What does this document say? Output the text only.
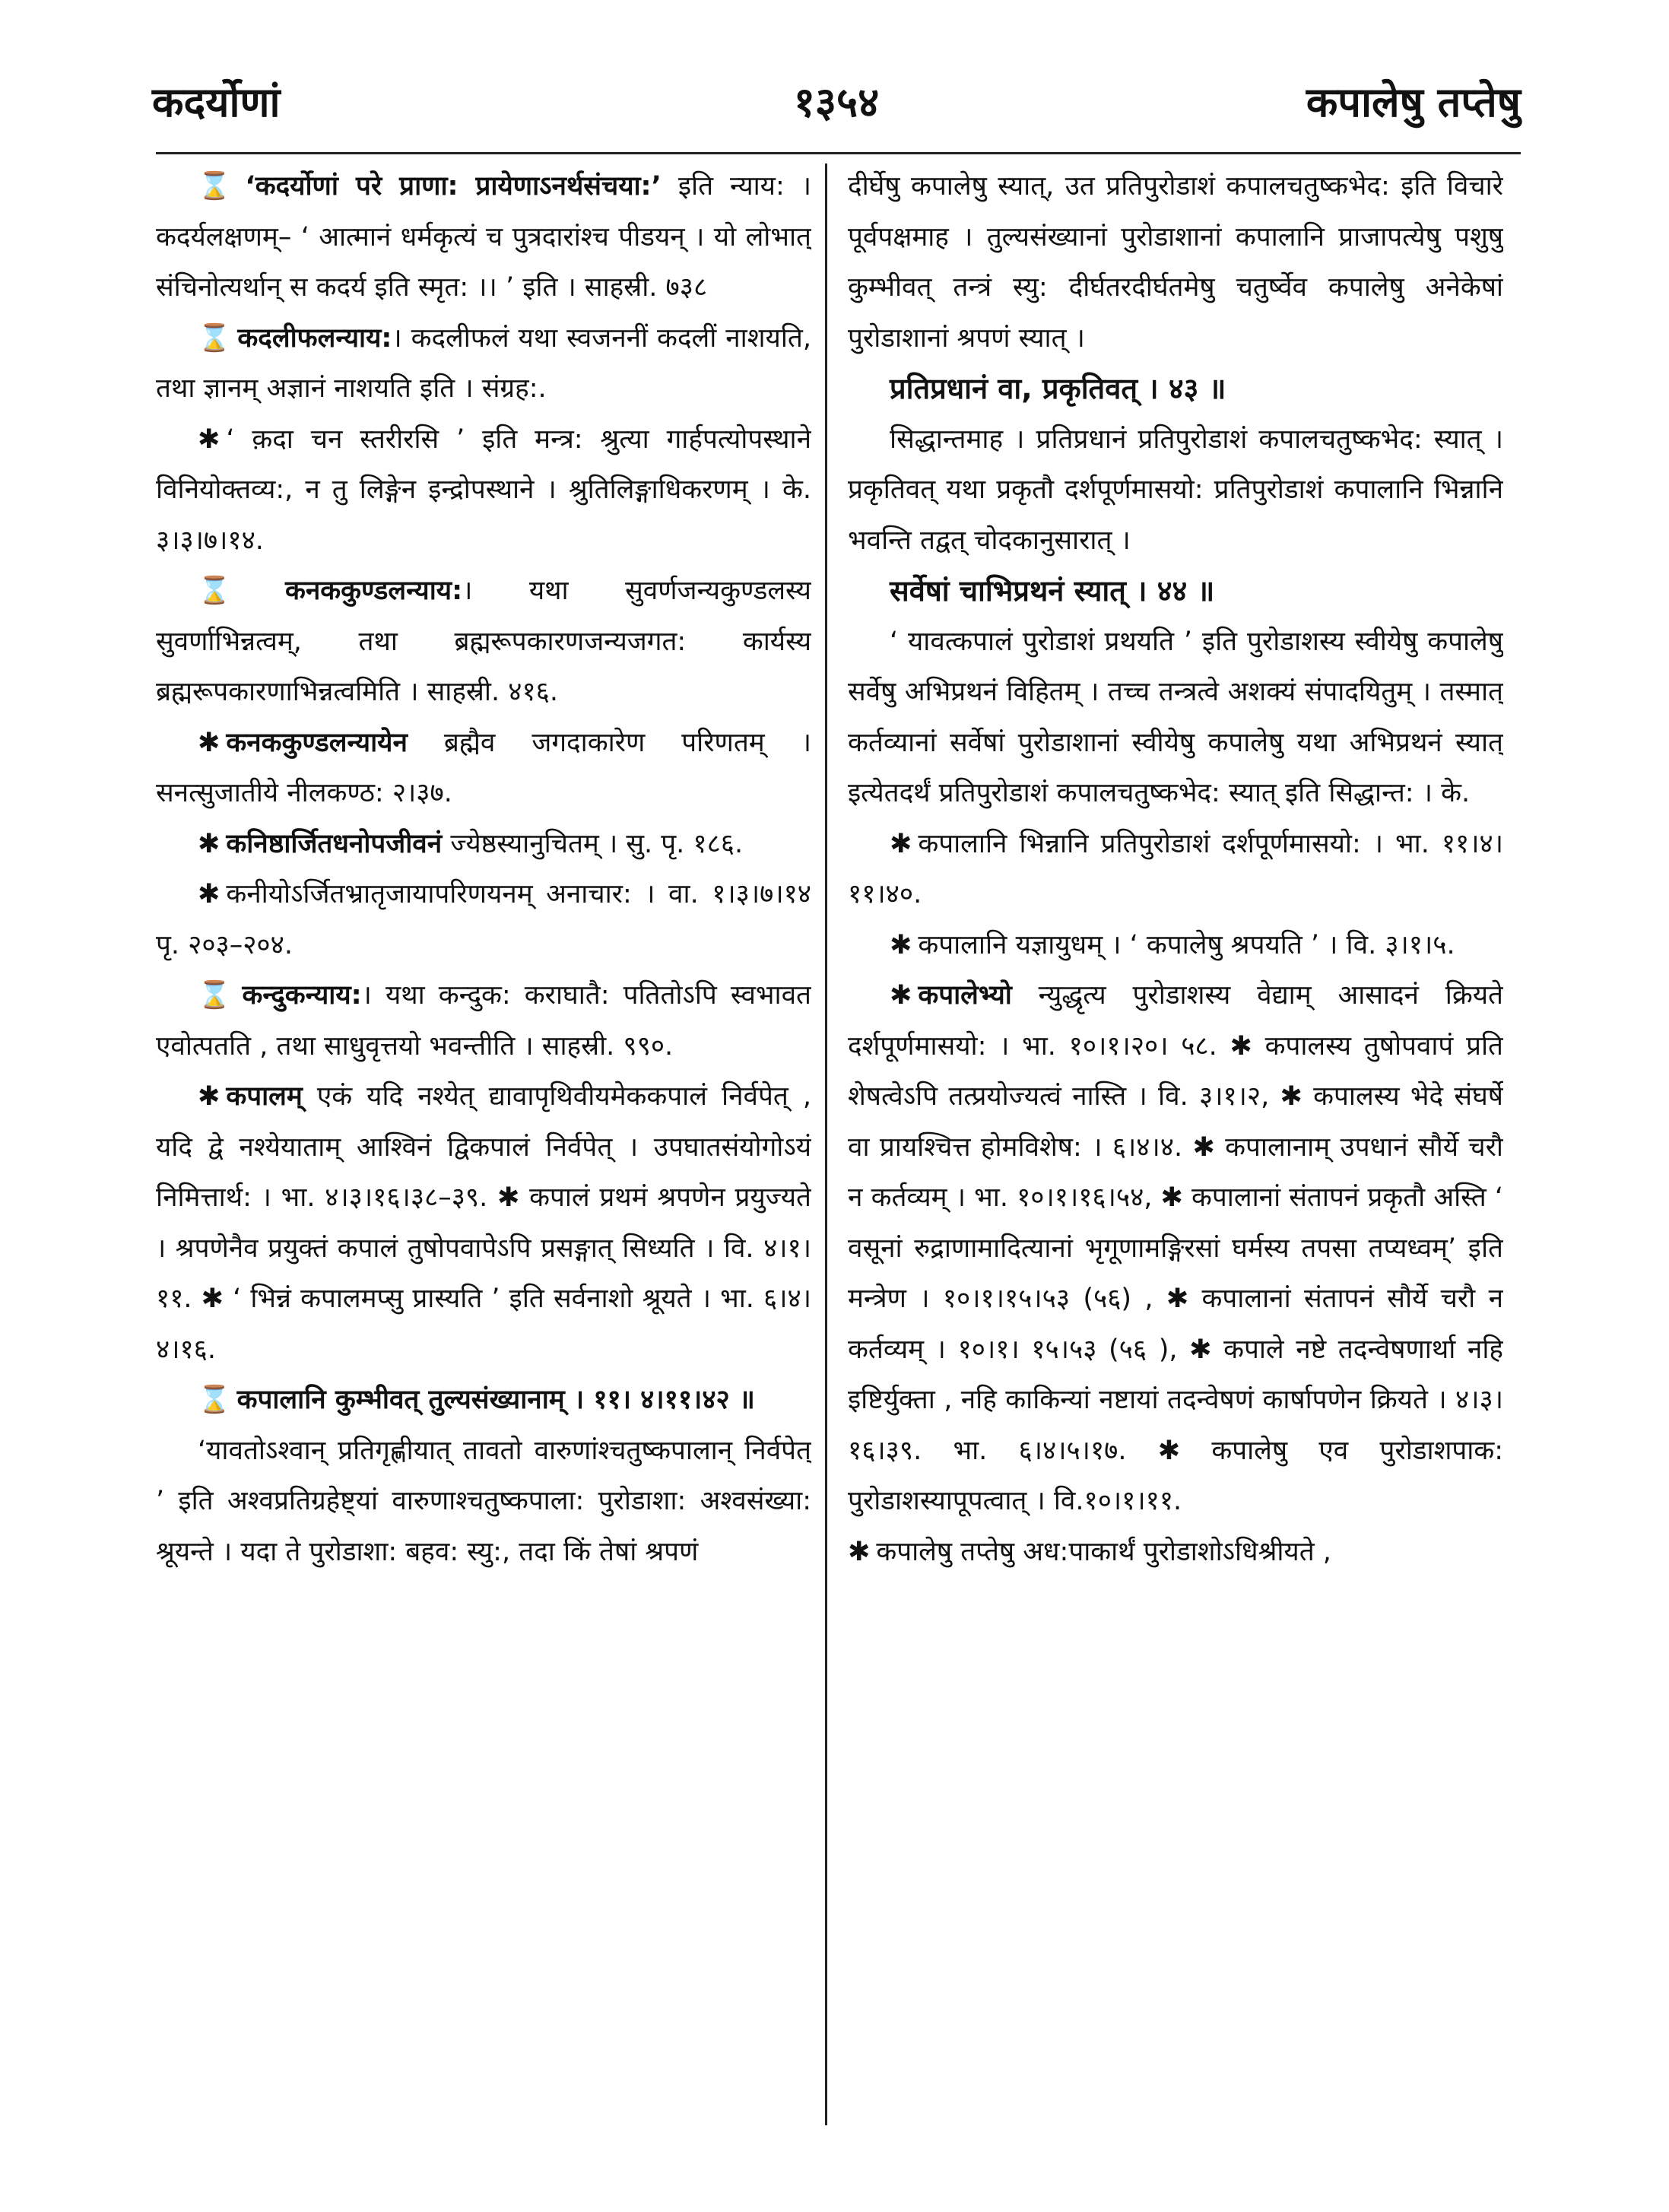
कदर्योणां	१३५४	कपालेषु तप्तेषु

⌛ ‘कदर्योणां परे प्राणा: प्रायेणाऽनर्थसंचया:’ इति न्याय: । कदर्यलक्षणम्– ‘ आत्मानं धर्मकृत्यं च पुत्रदारांश्च पीडयन् । यो लोभात् संचिनोत्यर्थान् स कदर्य इति स्मृत: ।। ’ इति । साहस्री. ७३८

⌛ कदलीफलन्याय:। कदलीफलं यथा स्वजननीं कदलीं नाशयति, तथा ज्ञानम् अज्ञानं नाशयति इति । संग्रह:.

✱ ‘ क़दा चन स्तरीरसि ’ इति मन्त्र: श्रुत्या गार्हपत्योपस्थाने विनियोक्तव्य:, न तु लिङ्गेन इन्द्रोपस्थाने । श्रुतिलिङ्गाधिकरणम् । के. ३।३।७।१४.

⌛ कनककुण्डलन्याय:। यथा सुवर्णजन्यकुण्डलस्य सुवर्णाभिन्नत्वम्, तथा ब्रह्मरूपकारणजन्यजगत: कार्यस्य ब्रह्मरूपकारणाभिन्नत्वमिति । साहस्री. ४१६.

✱ कनककुण्डलन्यायेन ब्रह्मैव जगदाकारेण परिणतम् । सनत्सुजातीये नीलकण्ठ: २।३७.

✱ कनिष्ठार्जितधनोपजीवनं ज्येष्ठस्यानुचितम् । सु. पृ. १८६.

✱ कनीयोऽर्जितभ्रातृजायापरिणयनम् अनाचार: । वा. १।३।७।१४ पृ. २०३–२०४.

⌛ कन्दुकन्याय:। यथा कन्दुक: कराघातै: पतितोऽपि स्वभावत एवोत्पतति , तथा साधुवृत्तयो भवन्तीति । साहस्री. ९९०.

✱ कपालम् एकं यदि नश्येत् द्यावापृथिवीयमेककपालं निर्वपेत् , यदि द्वे नश्येयाताम् आश्विनं द्विकपालं निर्वपेत् । उपघातसंयोगोऽयं निमित्तार्थ: । भा. ४।३।१६।३८–३९. ✱ कपालं प्रथमं श्रपणेन प्रयुज्यते । श्रपणेनैव प्रयुक्तं कपालं तुषोपवापेऽपि प्रसङ्गात् सिध्यति । वि. ४।१।११. ✱ ‘ भिन्नं कपालमप्सु प्रास्यति ’ इति सर्वनाशो श्रूयते । भा. ६।४।४।१६.

⌛ कपालानि कुम्भीवत् तुल्यसंख्यानाम् । ११। ४।११।४२ ॥

‘यावतोऽश्वान् प्रतिगृह्णीयात् तावतो वारुणांश्चतुष्कपालान् निर्वपेत् ’ इति अश्वप्रतिग्रहेष्ट्यां वारुणाश्चतुष्कपाला: पुरोडाशा: अश्वसंख्या: श्रूयन्ते । यदा ते पुरोडाशा: बहव: स्यु:, तदा किं तेषां श्रपणं

दीर्घेषु कपालेषु स्यात्, उत प्रतिपुरोडाशं कपालचतुष्कभेद: इति विचारे पूर्वपक्षमाह । तुल्यसंख्यानां पुरोडाशानां कपालानि प्राजापत्येषु पशुषु कुम्भीवत् तन्त्रं स्यु: दीर्घतरदीर्घतमेषु चतुर्ष्वेव कपालेषु अनेकेषां पुरोडाशानां श्रपणं स्यात् ।

प्रतिप्रधानं वा, प्रकृतिवत् । ४३ ॥

सिद्धान्तमाह । प्रतिप्रधानं प्रतिपुरोडाशं कपालचतुष्कभेद: स्यात् । प्रकृतिवत् यथा प्रकृतौ दर्शपूर्णमासयो: प्रतिपुरोडाशं कपालानि भिन्नानि भवन्ति तद्वत् चोदकानुसारात् ।

सर्वेषां चाभिप्रथनं स्यात् । ४४ ॥

‘ यावत्कपालं पुरोडाशं प्रथयति ’ इति पुरोडाशस्य स्वीयेषु कपालेषु सर्वेषु अभिप्रथनं विहितम् । तच्च तन्त्रत्वे अशक्यं संपादयितुम् । तस्मात् कर्तव्यानां सर्वेषां पुरोडाशानां स्वीयेषु कपालेषु यथा अभिप्रथनं स्यात् इत्येतदर्थं प्रतिपुरोडाशं कपालचतुष्कभेद: स्यात् इति सिद्धान्त: । के.

✱ कपालानि भिन्नानि प्रतिपुरोडाशं दर्शपूर्णमासयो: । भा. ११।४।११।४०.

✱ कपालानि यज्ञायुधम् । ‘ कपालेषु श्रपयति ’ । वि. ३।१।५.

✱ कपालेभ्यो न्युद्धृत्य पुरोडाशस्य वेद्याम् आसादनं क्रियते दर्शपूर्णमासयो: । भा. १०।१।२०। ५८. ✱ कपालस्य तुषोपवापं प्रति शेषत्वेऽपि तत्प्रयोज्यत्वं नास्ति । वि. ३।१।२, ✱ कपालस्य भेदे संघर्षे वा प्रायश्चित्त होमविशेष: । ६।४।४. ✱ कपालानाम् उपधानं सौर्ये चरौ न कर्तव्यम् । भा. १०।१।१६।५४, ✱ कपालानां संतापनं प्रकृतौ अस्ति ‘ वसूनां रुद्राणामादित्यानां भृगूणामङ्गिरसां घर्मस्य तपसा तप्यध्वम्’ इति मन्त्रेण । १०।१।१५।५३ (५६) , ✱ कपालानां संतापनं सौर्ये चरौ न कर्तव्यम् । १०।१। १५।५३ (५६ ), ✱ कपाले नष्टे तदन्वेषणार्था नहि इष्टिर्युक्ता , नहि काकिन्यां नष्टायां तदन्वेषणं कार्षापणेन क्रियते । ४।३।१६।३९. भा. ६।४।५।१७. ✱ कपालेषु एव पुरोडाशपाक: पुरोडाशस्यापूपत्वात् । वि.१०।१।११.

✱ कपालेषु तप्तेषु अध:पाकार्थं पुरोडाशोऽधिश्रीयते ,
